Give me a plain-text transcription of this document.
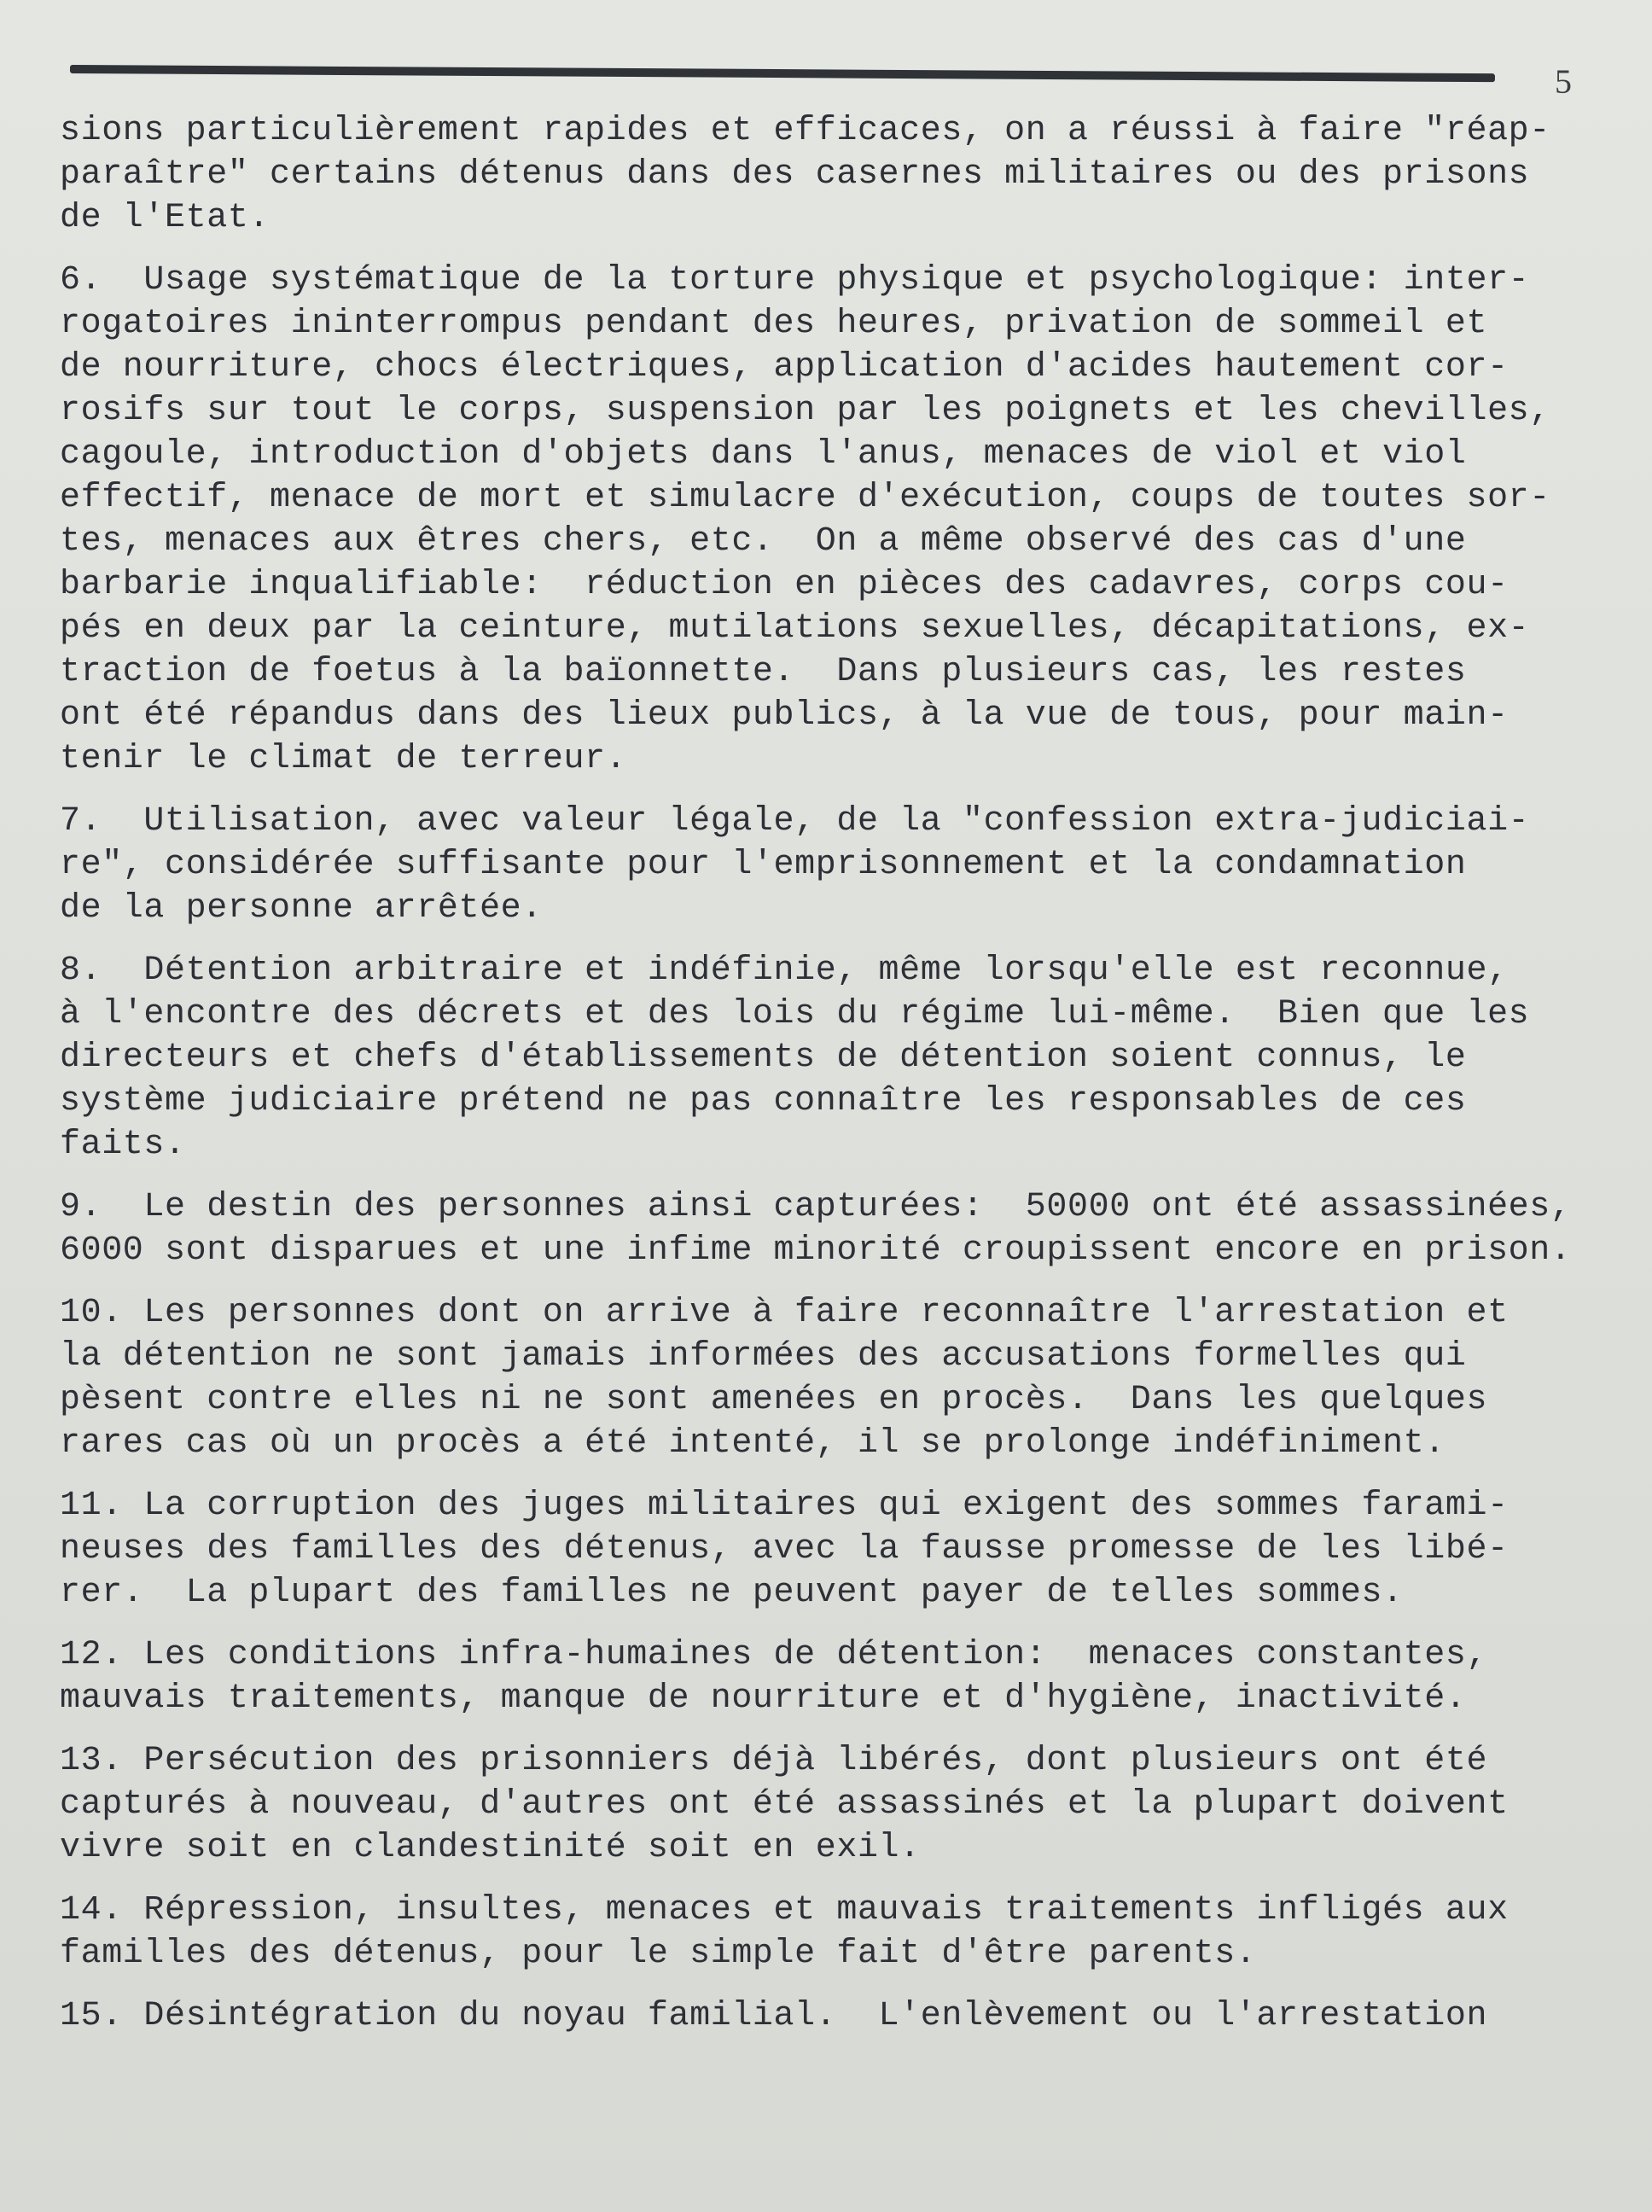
5
sions particulièrement rapides et efficaces, on a réussi à faire "réap-
paraître" certains détenus dans des casernes militaires ou des prisons
de l'Etat.
6.  Usage systématique de la torture physique et psychologique: inter-
rogatoires ininterrompus pendant des heures, privation de sommeil et
de nourriture, chocs électriques, application d'acides hautement cor-
rosifs sur tout le corps, suspension par les poignets et les chevilles,
cagoule, introduction d'objets dans l'anus, menaces de viol et viol
effectif, menace de mort et simulacre d'exécution, coups de toutes sor-
tes, menaces aux êtres chers, etc.  On a même observé des cas d'une
barbarie inqualifiable:  réduction en pièces des cadavres, corps cou-
pés en deux par la ceinture, mutilations sexuelles, décapitations, ex-
traction de foetus à la baïonnette.  Dans plusieurs cas, les restes
ont été répandus dans des lieux publics, à la vue de tous, pour main-
tenir le climat de terreur.
7.  Utilisation, avec valeur légale, de la "confession extra-judiciai-
re", considérée suffisante pour l'emprisonnement et la condamnation
de la personne arrêtée.
8.  Détention arbitraire et indéfinie, même lorsqu'elle est reconnue,
à l'encontre des décrets et des lois du régime lui-même.  Bien que les
directeurs et chefs d'établissements de détention soient connus, le
système judiciaire prétend ne pas connaître les responsables de ces
faits.
9.  Le destin des personnes ainsi capturées:  50000 ont été assassinées,
6000 sont disparues et une infime minorité croupissent encore en prison.
10. Les personnes dont on arrive à faire reconnaître l'arrestation et
la détention ne sont jamais informées des accusations formelles qui
pèsent contre elles ni ne sont amenées en procès.  Dans les quelques
rares cas où un procès a été intenté, il se prolonge indéfiniment.
11. La corruption des juges militaires qui exigent des sommes farami-
neuses des familles des détenus, avec la fausse promesse de les libé-
rer.  La plupart des familles ne peuvent payer de telles sommes.
12. Les conditions infra-humaines de détention:  menaces constantes,
mauvais traitements, manque de nourriture et d'hygiène, inactivité.
13. Persécution des prisonniers déjà libérés, dont plusieurs ont été
capturés à nouveau, d'autres ont été assassinés et la plupart doivent
vivre soit en clandestinité soit en exil.
14. Répression, insultes, menaces et mauvais traitements infligés aux
familles des détenus, pour le simple fait d'être parents.
15. Désintégration du noyau familial.  L'enlèvement ou l'arrestation
